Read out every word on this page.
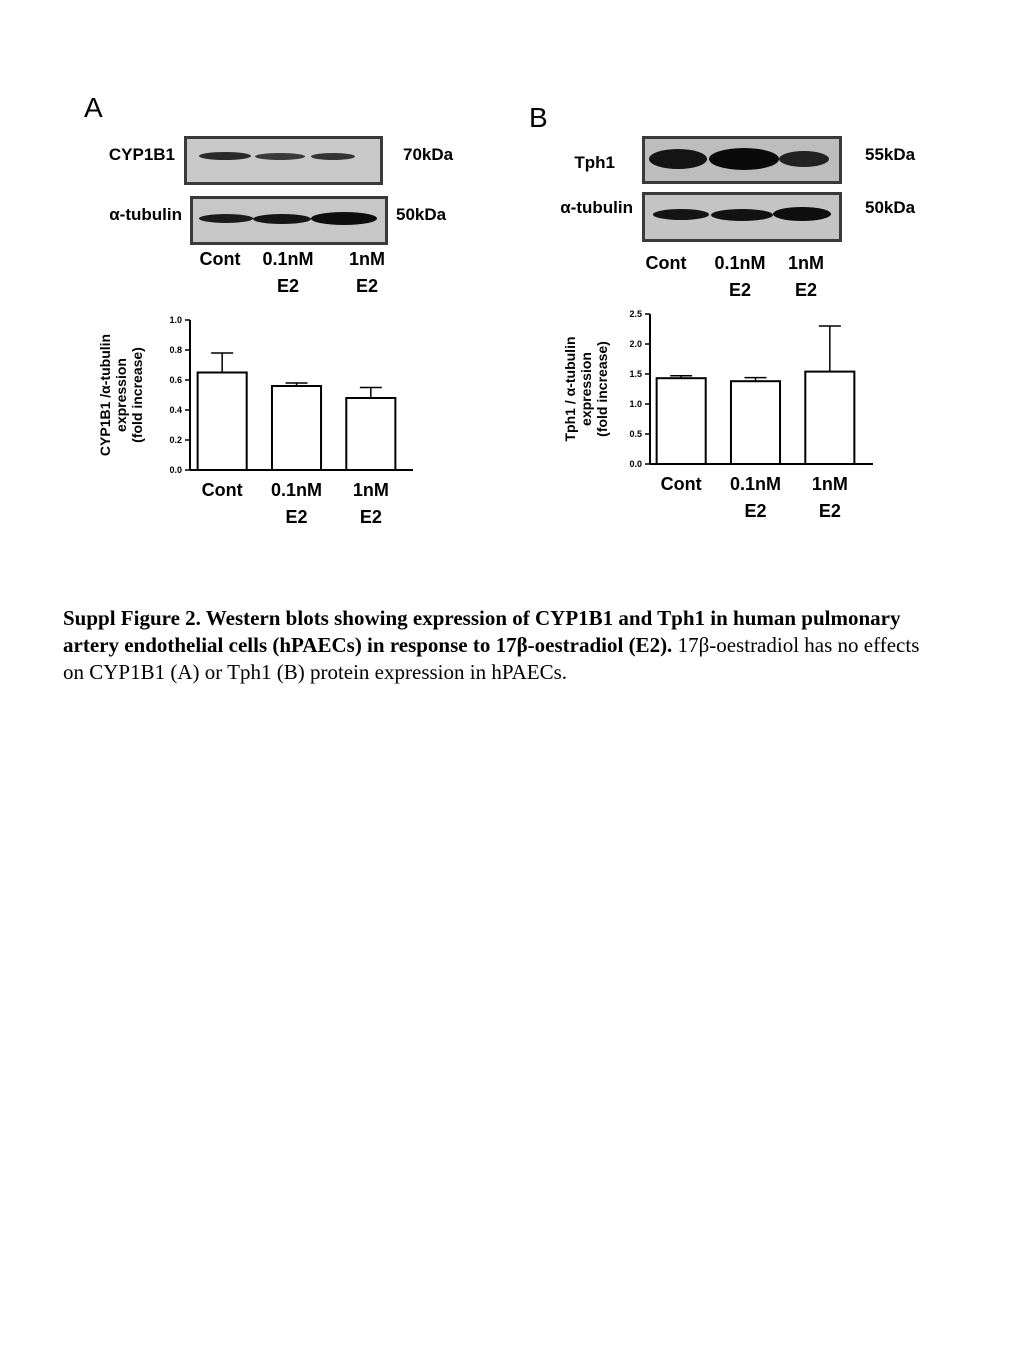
A
CYP1B1	70kDa
α-tubulin	50kDa
Cont	0.1nM
E2
1nM
E2
B
Tph1	55kDa
α-tubulin	50kDa
Cont	0.1nM
E2
1nM
E2
0.0
0.2
0.4
0.6
0.8
1.0
CYP1B1 /α-tubulin expression (fold increase)
Cont 0.1nM
E2
1nM
E2
0.0
0.5
1.0
1.5
2.0
2.5
Tph1 / α-tubulin expression (fold increase)
Cont 0.1nM
E2
1nM
E2
Suppl Figure 2. Western blots showing expression of CYP1B1 and Tph1 in human pulmonary artery endothelial cells (hPAECs) in response to 17β-oestradiol (E2). 17β-oestradiol has no effects on CYP1B1 (A) or Tph1 (B) protein expression in hPAECs.
